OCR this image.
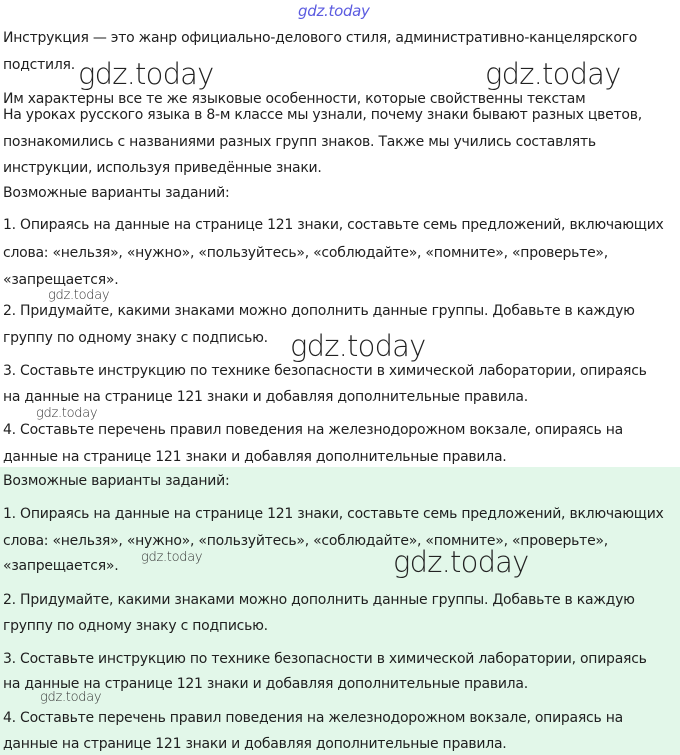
gdz.today
Инструкция — это жанр официально-делового стиля, административно-канцелярского
подстиля.
Им характерны все те же языковые особенности, которые свойственны текстам
На уроках русского языка в 8-м классе мы узнали, почему знаки бывают разных цветов,
познакомились с названиями разных групп знаков. Также мы учились составлять
инструкции, используя приведённые знаки.
Возможные варианты заданий:
1. Опираясь на данные на странице 121 знаки, составьте семь предложений, включающих
слова: «нельзя», «нужно», «пользуйтесь», «соблюдайте», «помните», «проверьте»,
«запрещается».
2. Придумайте, какими знаками можно дополнить данные группы. Добавьте в каждую
группу по одному знаку с подписью.
3. Составьте инструкцию по технике безопасности в химической лаборатории, опираясь
на данные на странице 121 знаки и добавляя дополнительные правила.
4. Составьте перечень правил поведения на железнодорожном вокзале, опираясь на
данные на странице 121 знаки и добавляя дополнительные правила.
Возможные варианты заданий:
1. Опираясь на данные на странице 121 знаки, составьте семь предложений, включающих
слова: «нельзя», «нужно», «пользуйтесь», «соблюдайте», «помните», «проверьте»,
«запрещается».
2. Придумайте, какими знаками можно дополнить данные группы. Добавьте в каждую
группу по одному знаку с подписью.
3. Составьте инструкцию по технике безопасности в химической лаборатории, опираясь
на данные на странице 121 знаки и добавляя дополнительные правила.
4. Составьте перечень правил поведения на железнодорожном вокзале, опираясь на
данные на странице 121 знаки и добавляя дополнительные правила.
gdz.today	gdz.today
gdz.today
gdz.today
gdz.today
gdz.today	gdz.today
gdz.today
